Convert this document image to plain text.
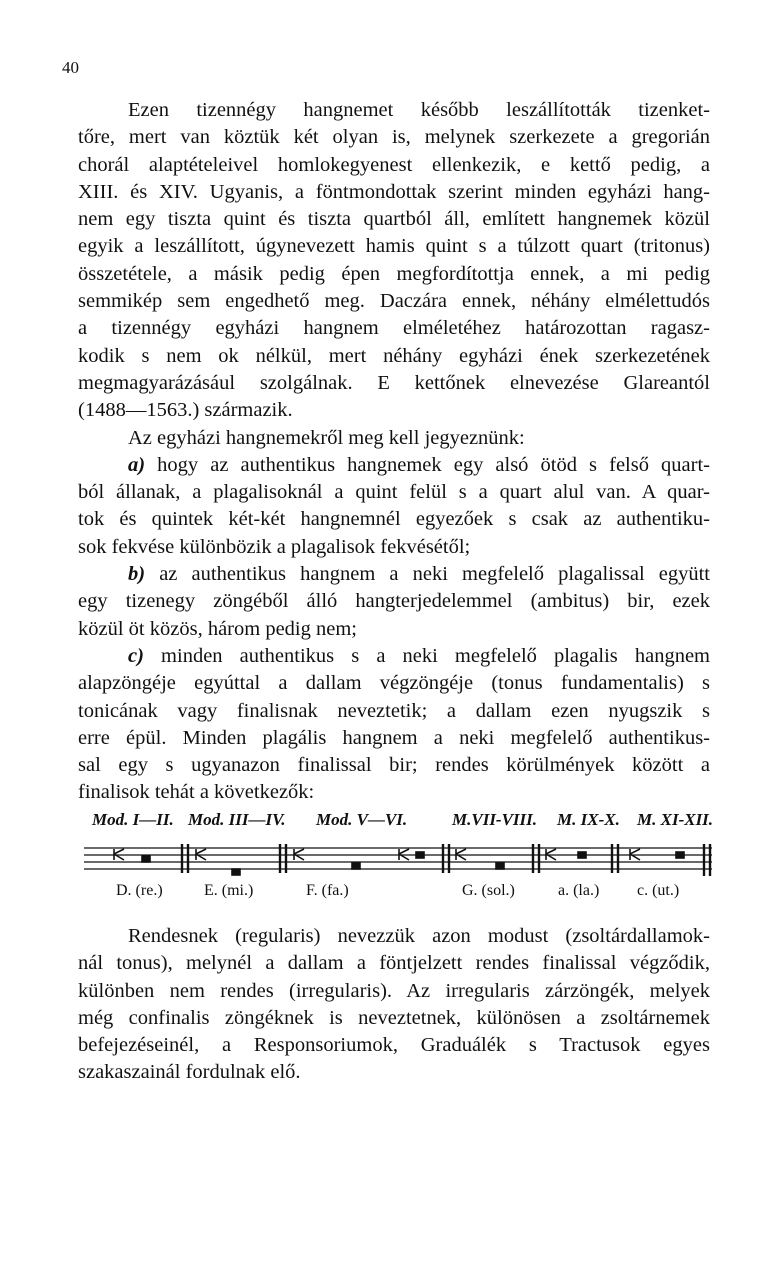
40
Ezen tizennégy hangnemet később leszállították tizenket-
tőre, mert van köztük két olyan is, melynek szerkezete a gregorián
chorál alaptételeivel homlokegyenest ellenkezik, e kettő pedig, a
XIII. és XIV. Ugyanis, a föntmondottak szerint minden egyházi hang-
nem egy tiszta quint és tiszta quartból áll, említett hangnemek közül
egyik a leszállított, úgynevezett hamis quint s a túlzott quart (tritonus)
összetétele, a másik pedig épen megfordítottja ennek, a mi pedig
semmikép sem engedhető meg. Daczára ennek, néhány elmélettudós
a tizennégy egyházi hangnem elméletéhez határozottan ragasz-
kodik s nem ok nélkül, mert néhány egyházi ének szerkezetének
megmagyarázásául szolgálnak. E kettőnek elnevezése Glareantól
(1488—1563.) származik.
Az egyházi hangnemekről meg kell jegyeznünk:
a) hogy az authentikus hangnemek egy alsó ötöd s felső quart-
ból állanak, a plagalisoknál a quint felül s a quart alul van. A quar-
tok és quintek két-két hangnemnél egyezőek s csak az authentiku-
sok fekvése különbözik a plagalisok fekvésétől;
b) az authentikus hangnem a neki megfelelő plagalissal együtt
egy tizenegy zöngéből álló hangterjedelemmel (ambitus) bir, ezek
közül öt közös, három pedig nem;
c) minden authentikus s a neki megfelelő plagalis hangnem
alapzöngéje egyúttal a dallam végzöngéje (tonus fundamentalis) s
tonicának vagy finalisnak neveztetik; a dallam ezen nyugszik s
erre épül. Minden plagális hangnem a neki megfelelő authentikus-
sal egy s ugyanazon finalissal bir; rendes körülmények között a
finalisok tehát a következők:
Mod. I—II. Mod. III—IV. Mod. V—VI.	M.VII-VIII. M. IX-X. M. XI-XII.
D. (re.)	E. (mi.)	F. (fa.)	G. (sol.)	a. (la.) c. (ut.)
Rendesnek (regularis) nevezzük azon modust (zsoltárdallamok-
nál tonus), melynél a dallam a föntjelzett rendes finalissal végződik,
különben nem rendes (irregularis). Az irregularis zárzöngék, melyek
még confinalis zöngéknek is neveztetnek, különösen a zsoltárnemek
befejezéseinél, a Responsoriumok, Graduálék s Tractusok egyes
szakaszainál fordulnak elő.
